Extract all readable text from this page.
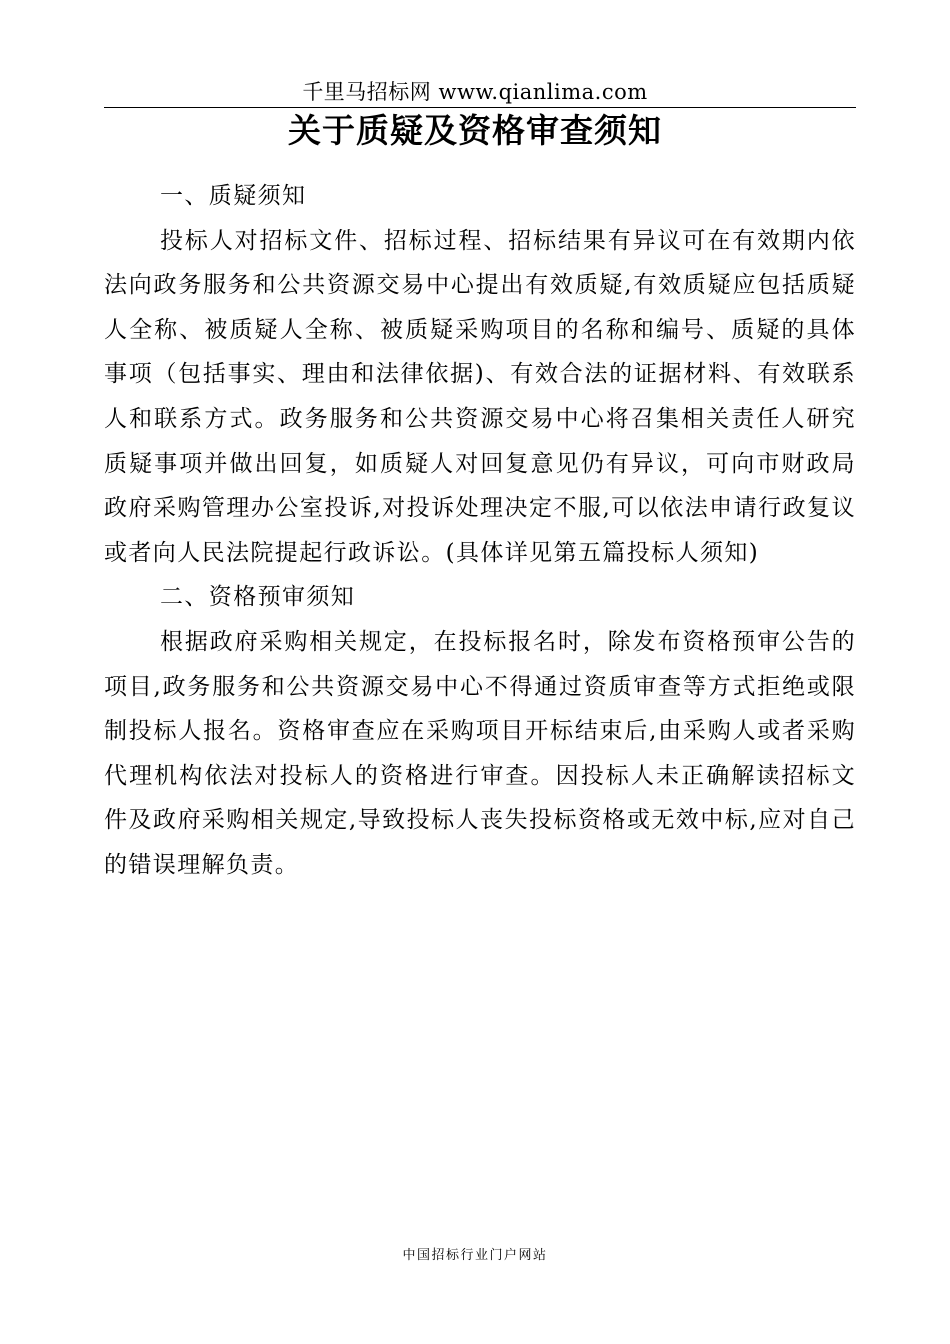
千里马招标网 www.qianlima.com
关于质疑及资格审查须知

一、质疑须知

投标人对招标文件、招标过程、招标结果有异议可在有效期内依法向政务服务和公共资源交易中心提出有效质疑,有效质疑应包括质疑人全称、被质疑人全称、被质疑采购项目的名称和编号、质疑的具体事项（包括事实、理由和法律依据)、有效合法的证据材料、有效联系人和联系方式。政务服务和公共资源交易中心将召集相关责任人研究质疑事项并做出回复，如质疑人对回复意见仍有异议，可向市财政局政府采购管理办公室投诉,对投诉处理决定不服,可以依法申请行政复议或者向人民法院提起行政诉讼。(具体详见第五篇投标人须知)

二、资格预审须知

根据政府采购相关规定，在投标报名时，除发布资格预审公告的项目,政务服务和公共资源交易中心不得通过资质审查等方式拒绝或限制投标人报名。资格审查应在采购项目开标结束后,由采购人或者采购代理机构依法对投标人的资格进行审查。因投标人未正确解读招标文件及政府采购相关规定,导致投标人丧失投标资格或无效中标,应对自己的错误理解负责。

中国招标行业门户网站
